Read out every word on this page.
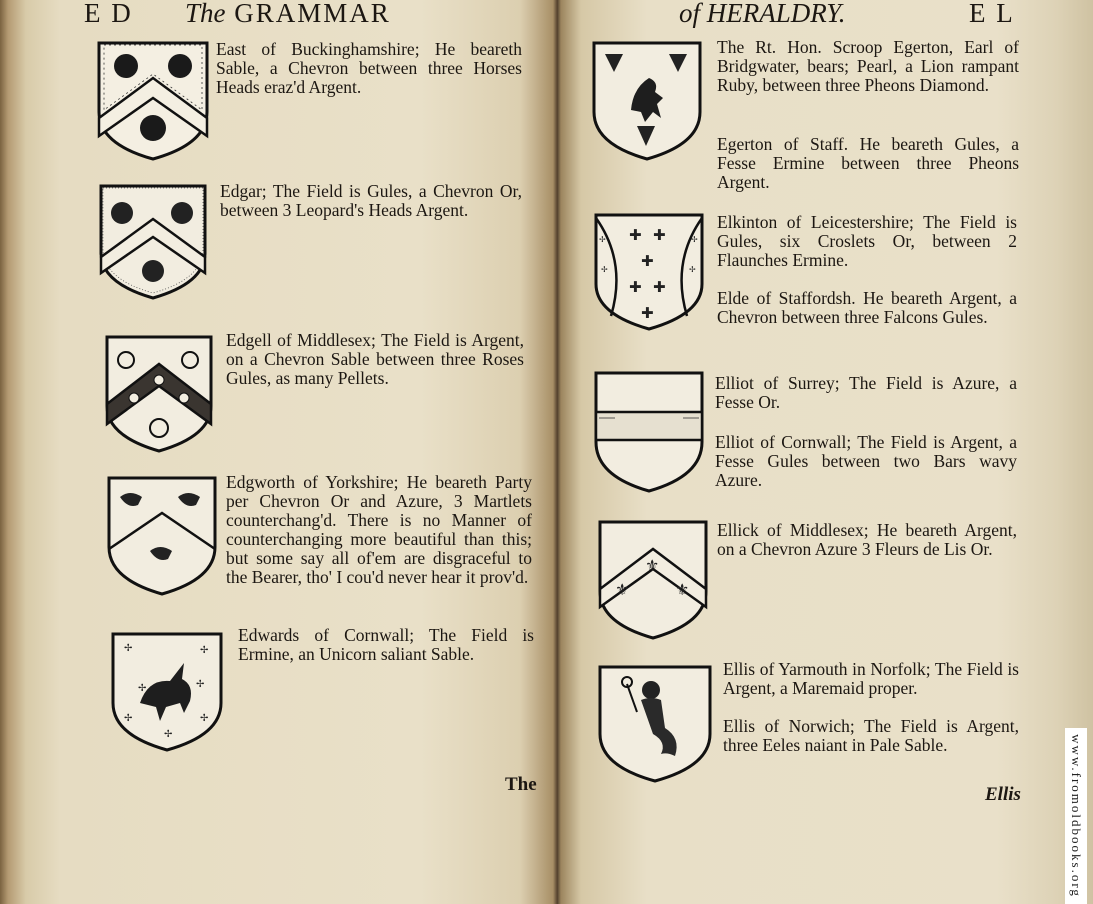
E D The GRAMMAR
East of Buckinghamshire; He beareth Sable, a Chevron between three Horses Heads eraz'd Argent.
Edgar; The Field is Gules, a Chevron Or, between 3 Leopard's Heads Argent.
Edgell of Middlesex; The Field is Argent, on a Chevron Sable between three Roses Gules, as many Pellets.
Edgworth of Yorkshire; He beareth Party per Chevron Or and Azure, 3 Martlets counterchang'd. There is no Manner of counterchanging more beautiful than this; but some say all of'em are disgraceful to the Bearer, tho' I cou'd never hear it prov'd.
✢	✢
✢	✢
✢
✢	✢
Edwards of Cornwall; The Field is Ermine, an Unicorn saliant Sable.
The
of HERALDRY.	E L
The Rt. Hon. Scroop Egerton, Earl of Bridgwater, bears; Pearl, a Lion rampant Ruby, between three Pheons Diamond.
Egerton of Staff. He beareth Gules, a Fesse Ermine between three Pheons Argent.
✚ ✚
✚
✚ ✚
✚
✢
✢
✢
✢
Elkinton of Leicestershire; The Field is Gules, six Croslets Or, between 2 Flaunches Ermine.
Elde of Staffordsh. He beareth Argent, a Chevron between three Falcons Gules.
Elliot of Surrey; The Field is Azure, a Fesse Or.
Elliot of Cornwall; The Field is Argent, a Fesse Gules between two Bars wavy Azure.
⚜
⚜
⚜
Ellick of Middlesex; He beareth Argent, on a Chevron Azure 3 Fleurs de Lis Or.
Ellis of Yarmouth in Norfolk; The Field is Argent, a Maremaid proper.
Ellis of Norwich; The Field is Argent, three Eeles naiant in Pale Sable.
Ellis	www.fromoldbooks.org
